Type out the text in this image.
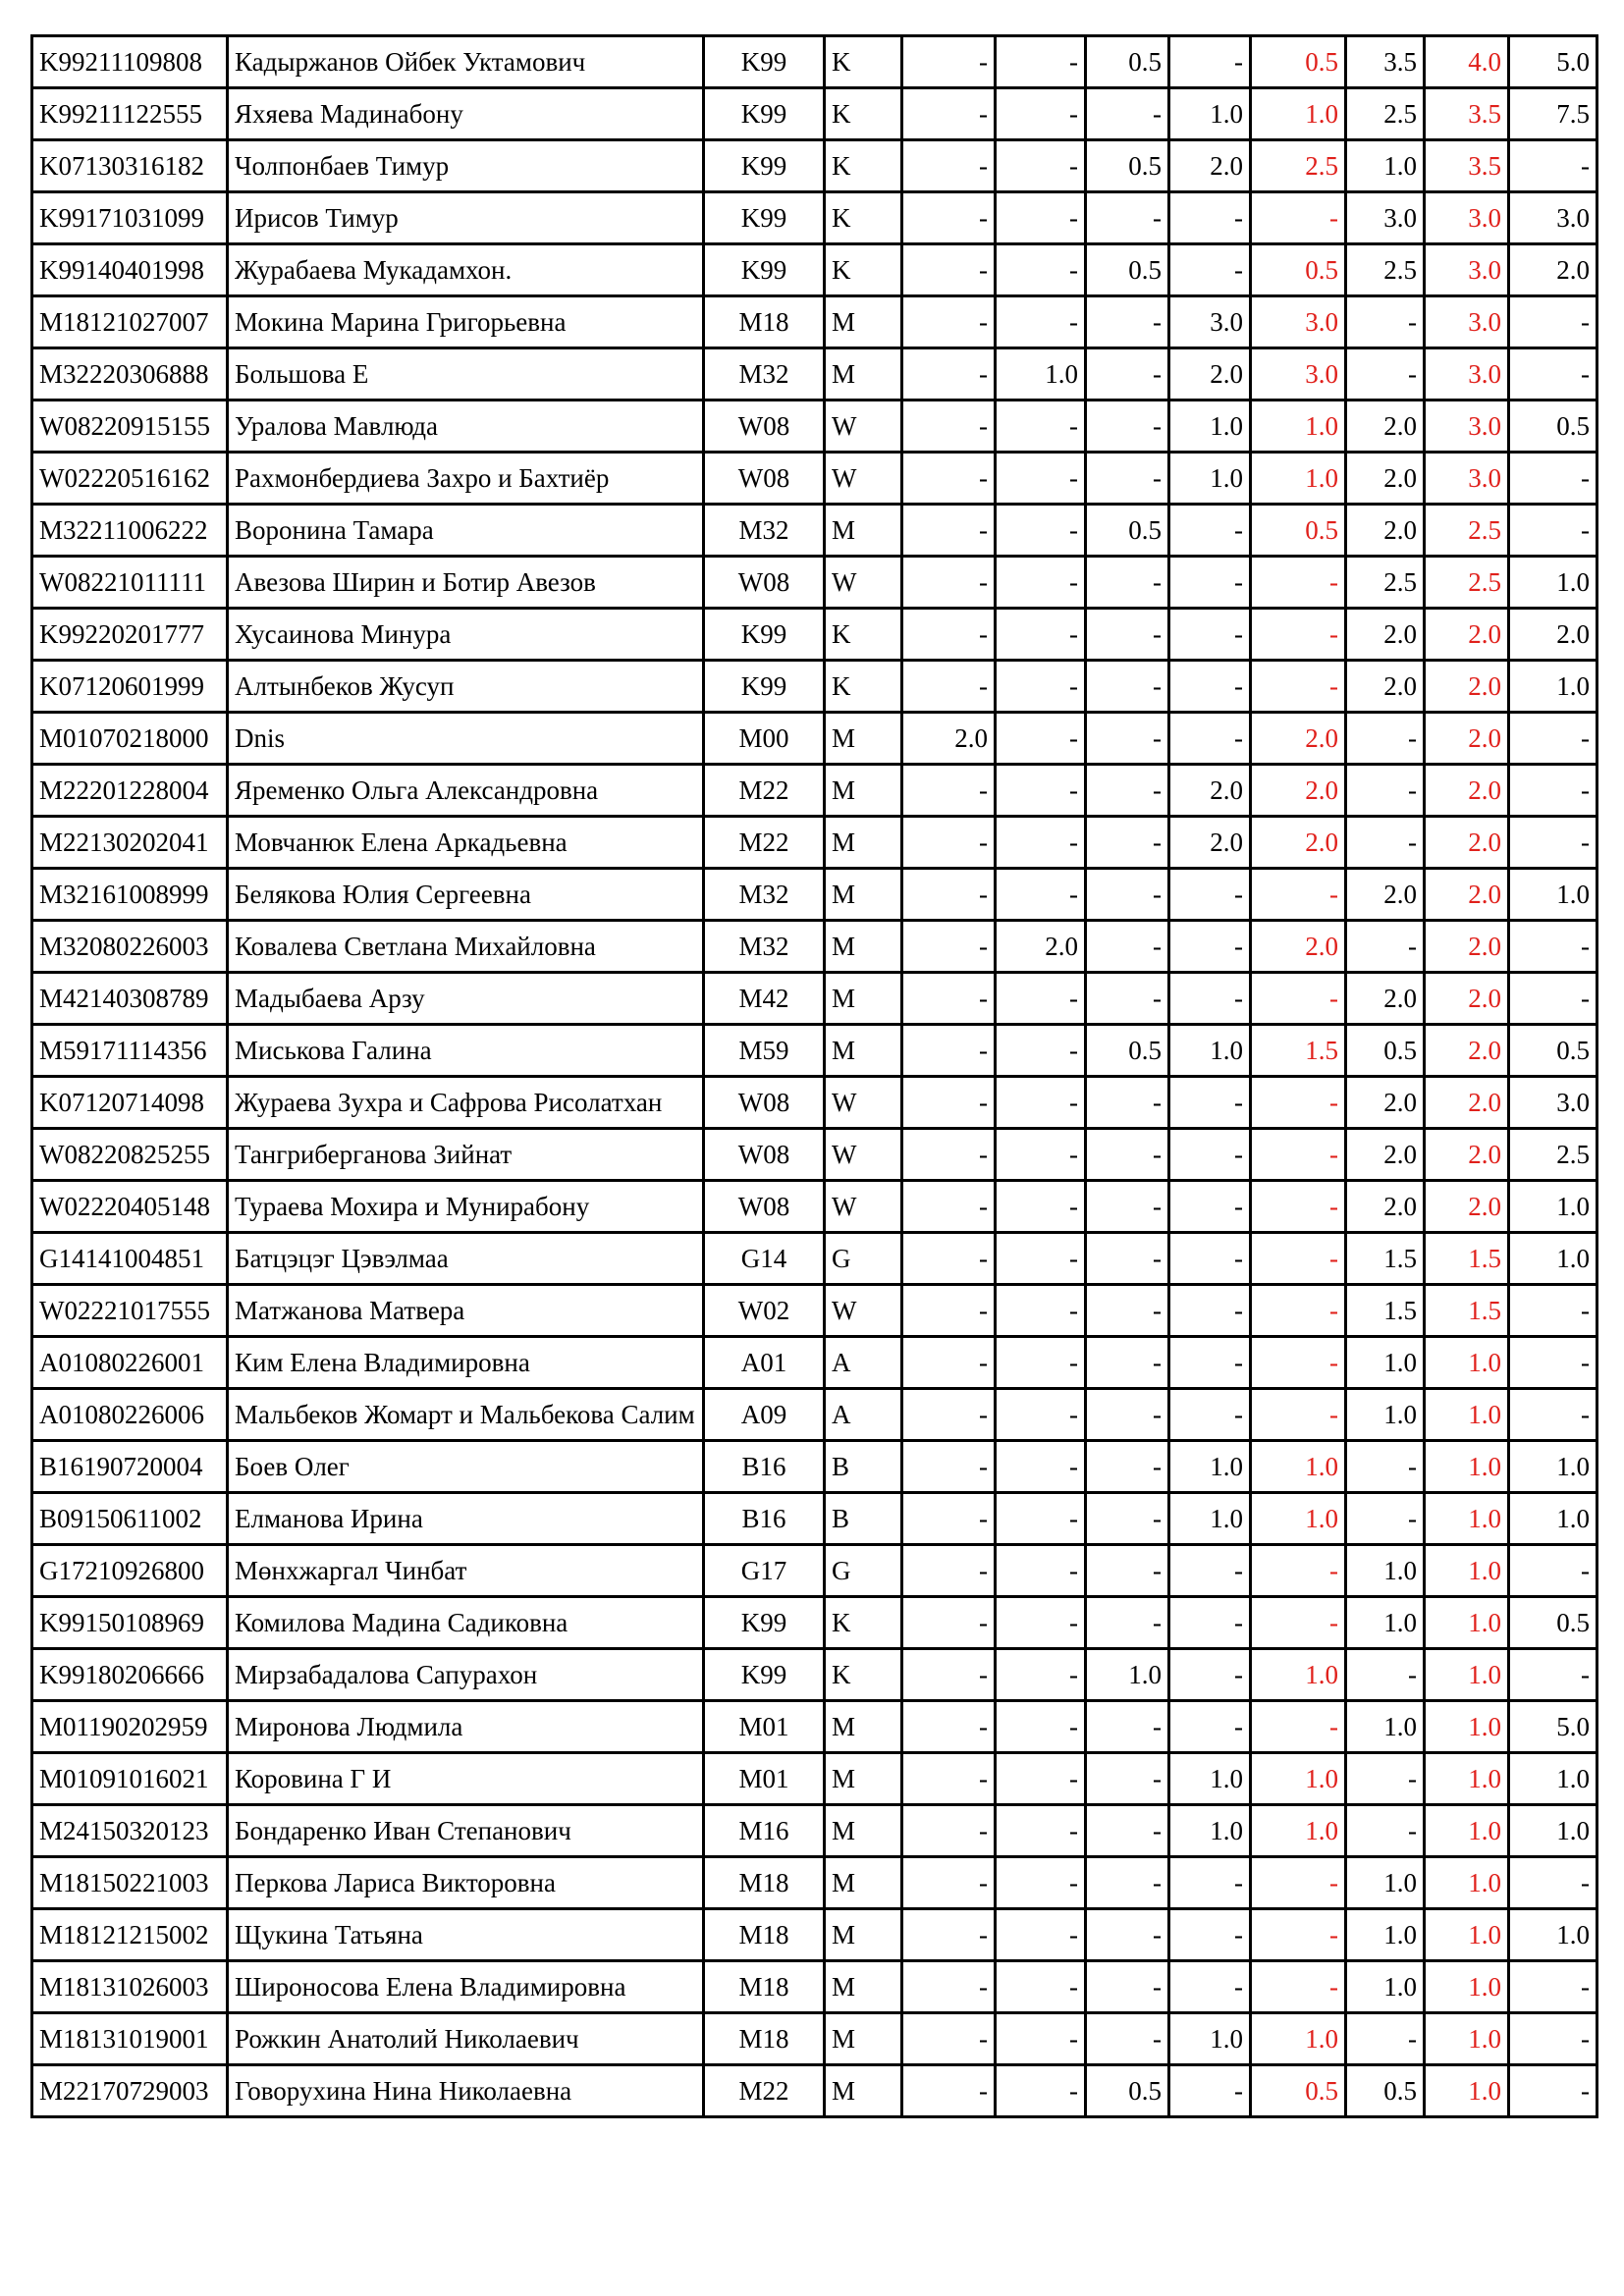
K99211109808	Кадыржанов Ойбек Уктамович	K99	K	-	-	0.5	-	0.5	3.5	4.0	5.0
K99211122555	Яхяева Мадинабону	K99	K	-	-	-	1.0	1.0	2.5	3.5	7.5
K07130316182	Чолпонбаев Тимур	K99	K	-	-	0.5	2.0	2.5	1.0	3.5	-
K99171031099	Ирисов Тимур	K99	K	-	-	-	-	-	3.0	3.0	3.0
K99140401998	Журабаева Мукадамхон.	K99	K	-	-	0.5	-	0.5	2.5	3.0	2.0
M18121027007	Мокина Марина Григорьевна	M18	M	-	-	-	3.0	3.0	-	3.0	-
M32220306888	Большова Е	M32	M	-	1.0	-	2.0	3.0	-	3.0	-
W08220915155	Уралова Мавлюда	W08	W	-	-	-	1.0	1.0	2.0	3.0	0.5
W02220516162	Рахмонбердиева Захро и Бахтиёр	W08	W	-	-	-	1.0	1.0	2.0	3.0	-
M32211006222	Воронина Тамара	M32	M	-	-	0.5	-	0.5	2.0	2.5	-
W08221011111	Авезова Ширин и Ботир Авезов	W08	W	-	-	-	-	-	2.5	2.5	1.0
K99220201777	Хусаинова Минура	K99	K	-	-	-	-	-	2.0	2.0	2.0
K07120601999	Алтынбеков Жусуп	K99	K	-	-	-	-	-	2.0	2.0	1.0
M01070218000	Dnis	M00	M	2.0	-	-	-	2.0	-	2.0	-
M22201228004	Яременко Ольга Александровна	M22	M	-	-	-	2.0	2.0	-	2.0	-
M22130202041	Мовчанюк Елена Аркадьевна	M22	M	-	-	-	2.0	2.0	-	2.0	-
M32161008999	Белякова Юлия Сергеевна	M32	M	-	-	-	-	-	2.0	2.0	1.0
M32080226003	Ковалева Светлана Михайловна	M32	M	-	2.0	-	-	2.0	-	2.0	-
M42140308789	Мадыбаева Арзу	M42	M	-	-	-	-	-	2.0	2.0	-
M59171114356	Миськова Галина	M59	M	-	-	0.5	1.0	1.5	0.5	2.0	0.5
K07120714098	Жураева Зухра и Сафрова Рисолатхан	W08	W	-	-	-	-	-	2.0	2.0	3.0
W08220825255	Тангриберганова Зийнат	W08	W	-	-	-	-	-	2.0	2.0	2.5
W02220405148	Тураева Мохира и Мунирабону	W08	W	-	-	-	-	-	2.0	2.0	1.0
G14141004851	Батцэцэг Цэвэлмаа	G14	G	-	-	-	-	-	1.5	1.5	1.0
W02221017555	Матжанова Матвера	W02	W	-	-	-	-	-	1.5	1.5	-
A01080226001	Ким Елена Владимировна	A01	A	-	-	-	-	-	1.0	1.0	-
A01080226006	Мальбеков Жомарт и Мальбекова Салим	A09	A	-	-	-	-	-	1.0	1.0	-
B16190720004	Боев Олег	B16	B	-	-	-	1.0	1.0	-	1.0	1.0
B09150611002	Елманова Ирина	B16	B	-	-	-	1.0	1.0	-	1.0	1.0
G17210926800	Мөнхжаргал Чинбат	G17	G	-	-	-	-	-	1.0	1.0	-
K99150108969	Комилова Мадина Садиковна	K99	K	-	-	-	-	-	1.0	1.0	0.5
K99180206666	Мирзабадалова Сапурахон	K99	K	-	-	1.0	-	1.0	-	1.0	-
M01190202959	Миронова Людмила	M01	M	-	-	-	-	-	1.0	1.0	5.0
M01091016021	Коровина Г И	M01	M	-	-	-	1.0	1.0	-	1.0	1.0
M24150320123	Бондаренко Иван Степанович	M16	M	-	-	-	1.0	1.0	-	1.0	1.0
M18150221003	Перкова Лариса Викторовна	M18	M	-	-	-	-	-	1.0	1.0	-
M18121215002	Щукина Татьяна	M18	M	-	-	-	-	-	1.0	1.0	1.0
M18131026003	Широносова Елена Владимировна	M18	M	-	-	-	-	-	1.0	1.0	-
M18131019001	Рожкин Анатолий Николаевич	M18	M	-	-	-	1.0	1.0	-	1.0	-
M22170729003	Говорухина Нина Николаевна	M22	M	-	-	0.5	-	0.5	0.5	1.0	-
